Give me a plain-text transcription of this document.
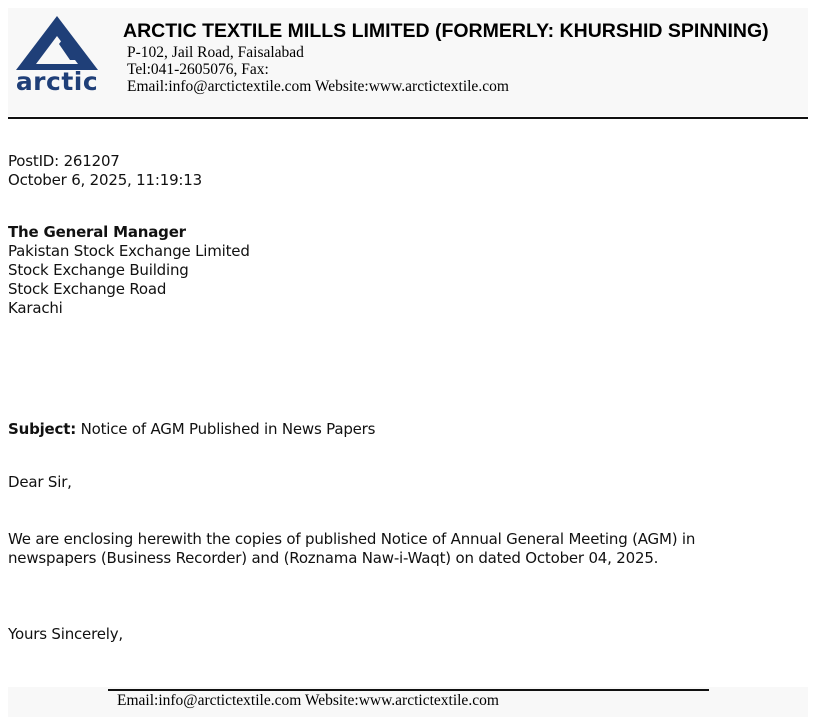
arctic
ARCTIC TEXTILE MILLS LIMITED (FORMERLY: KHURSHID SPINNING)
P-102, Jail Road, Faisalabad
Tel:041-2605076, Fax:
Email:info@arctictextile.com Website:www.arctictextile.com
PostID: 261207
October 6, 2025, 11:19:13
The General Manager
Pakistan Stock Exchange Limited
Stock Exchange Building
Stock Exchange Road
Karachi
Subject: Notice of AGM Published in News Papers
Dear Sir,
We are enclosing herewith the copies of published Notice of Annual General Meeting (AGM) in
newspapers (Business Recorder) and (Roznama Naw-i-Waqt) on dated October 04, 2025.
Yours Sincerely,
Email:info@arctictextile.com Website:www.arctictextile.com
